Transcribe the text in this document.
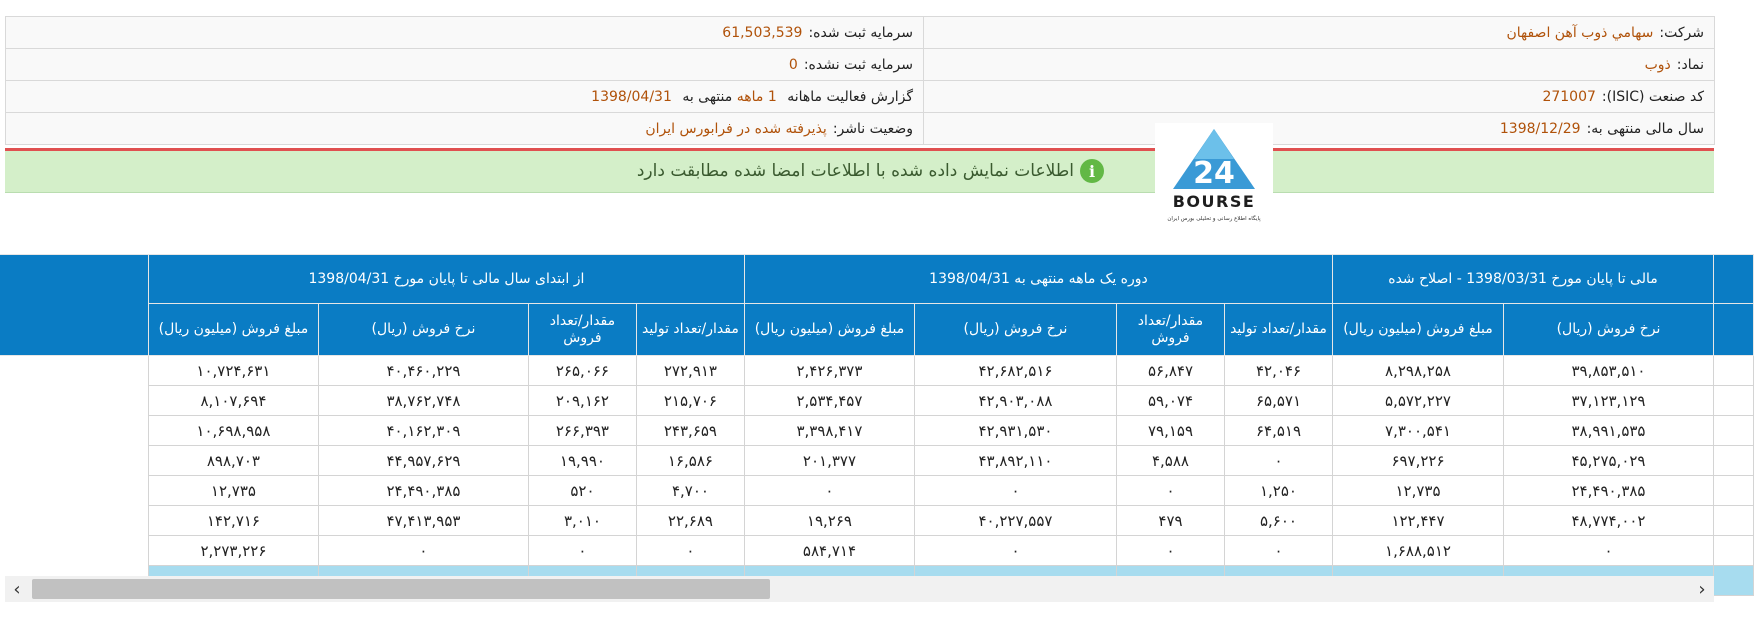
شرکت:سهامي ذوب آهن اصفهان	سرمایه ثبت شده:61,503,539
نماد:ذوب	سرمایه ثبت نشده:0
کد صنعت (ISIC):271007	گزارش فعالیت ماهانه 1 ماهه منتهی به 1398/04/31
سال مالی منتهی به:1398/12/29	وضعیت ناشر:پذیرفته شده در فرابورس ایران
i
اطلاعات نمایش داده شده با اطلاعات امضا شده مطابقت دارد	24
BOURSE
پایگاه اطلاع رسانی و تحلیلی بورس ایران
	مالی تا پایان مورخ 1398/03/31 - اصلاح شده		دوره یک ماهه منتهی به 1398/04/31				از ابتدای سال مالی تا پایان مورخ 1398/04/31				
	نرخ فروش (ریال)	مبلغ فروش (میلیون ریال)	مقدار/تعداد تولید	مقدار/تعداد فروش	نرخ فروش (ریال)	مبلغ فروش (میلیون ریال)	مقدار/تعداد تولید	مقدار/تعداد فروش	نرخ فروش (ریال)	مبلغ فروش (میلیون ریال)	
	۳۹,۸۵۳,۵۱۰	۸,۲۹۸,۲۵۸	۴۲,۰۴۶	۵۶,۸۴۷	۴۲,۶۸۲,۵۱۶	۲,۴۲۶,۳۷۳	۲۷۲,۹۱۳	۲۶۵,۰۶۶	۴۰,۴۶۰,۲۲۹	۱۰,۷۲۴,۶۳۱	
	۳۷,۱۲۳,۱۲۹	۵,۵۷۲,۲۲۷	۶۵,۵۷۱	۵۹,۰۷۴	۴۲,۹۰۳,۰۸۸	۲,۵۳۴,۴۵۷	۲۱۵,۷۰۶	۲۰۹,۱۶۲	۳۸,۷۶۲,۷۴۸	۸,۱۰۷,۶۹۴	
	۳۸,۹۹۱,۵۳۵	۷,۳۰۰,۵۴۱	۶۴,۵۱۹	۷۹,۱۵۹	۴۲,۹۳۱,۵۳۰	۳,۳۹۸,۴۱۷	۲۴۳,۶۵۹	۲۶۶,۳۹۳	۴۰,۱۶۲,۳۰۹	۱۰,۶۹۸,۹۵۸	
	۴۵,۲۷۵,۰۲۹	۶۹۷,۲۲۶	۰	۴,۵۸۸	۴۳,۸۹۲,۱۱۰	۲۰۱,۳۷۷	۱۶,۵۸۶	۱۹,۹۹۰	۴۴,۹۵۷,۶۲۹	۸۹۸,۷۰۳	
	۲۴,۴۹۰,۳۸۵	۱۲,۷۳۵	۱,۲۵۰	۰	۰	۰	۴,۷۰۰	۵۲۰	۲۴,۴۹۰,۳۸۵	۱۲,۷۳۵	
	۴۸,۷۷۴,۰۰۲	۱۲۲,۴۴۷	۵,۶۰۰	۴۷۹	۴۰,۲۲۷,۵۵۷	۱۹,۲۶۹	۲۲,۶۸۹	۳,۰۱۰	۴۷,۴۱۳,۹۵۳	۱۴۲,۷۱۶	
	۰	۱,۶۸۸,۵۱۲	۰	۰	۰	۵۸۴,۷۱۴	۰	۰	۰	۲,۲۷۳,۲۲۶	

‹	›
